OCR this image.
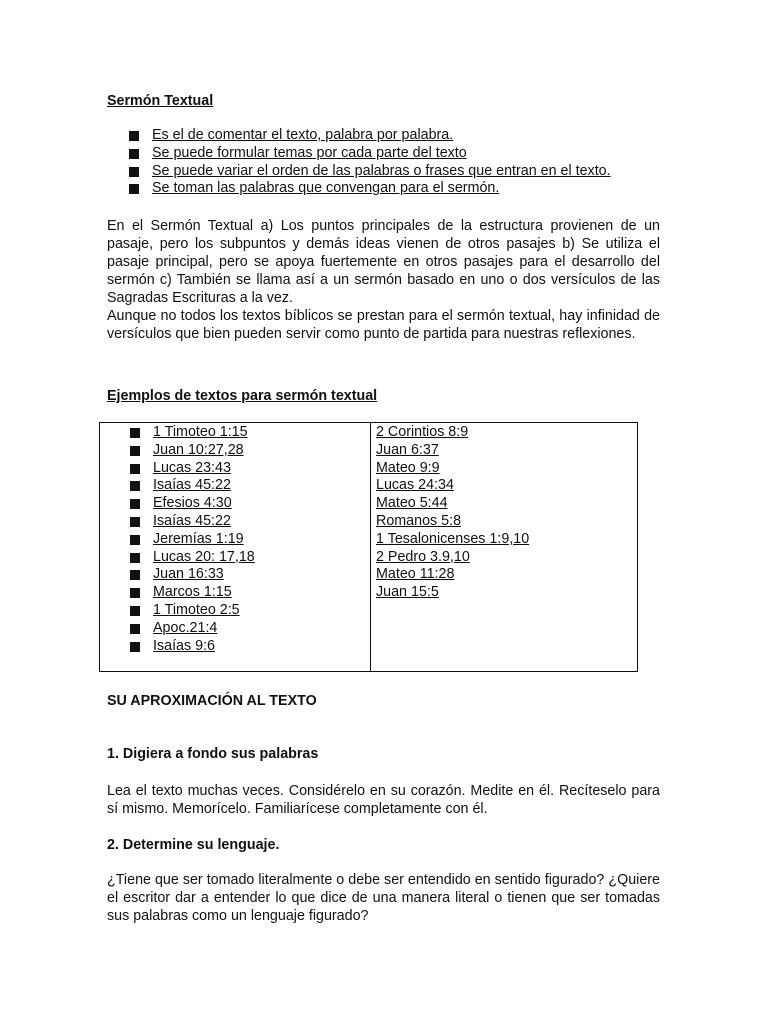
Sermón Textual
Es el de comentar el texto, palabra por palabra.
Se puede formular temas por cada parte del texto
Se puede variar el orden de las palabras o frases que entran en el texto.
Se toman las palabras que convengan para el sermón.

En el Sermón Textual a) Los puntos principales de la estructura provienen de un pasaje, pero los subpuntos y demás ideas vienen de otros pasajes b) Se utiliza el pasaje principal, pero se apoya fuertemente en otros pasajes para el desarrollo del sermón c) También se llama así a un sermón basado en uno o dos versículos de las Sagradas Escrituras a la vez.

Aunque no todos los textos bíblicos se prestan para el sermón textual, hay infinidad de versículos que bien pueden servir como punto de partida para nuestras reflexiones.

Ejemplos de textos para sermón textual
1 Timoteo 1:15
Juan 10:27,28
Lucas 23:43
Isaías 45:22
Efesios 4:30
Isaías 45:22
Jeremías 1:19
Lucas 20: 17,18
Juan 16:33
Marcos 1:15
1 Timoteo 2:5
Apoc.21:4
Isaías 9:6
2 Corintios 8:9
Juan 6:37
Mateo 9:9
Lucas 24:34
Mateo 5:44
Romanos 5:8
1 Tesalonicenses 1:9,10
2 Pedro 3.9,10
Mateo 11:28
Juan 15:5
SU APROXIMACIÓN AL TEXTO
1. Digiera a fondo sus palabras

Lea el texto muchas veces. Considérelo en su corazón. Medite en él. Recíteselo para sí mismo. Memorícelo. Familiarícese completamente con él.

2. Determine su lenguaje.

¿Tiene que ser tomado literalmente o debe ser entendido en sentido figurado? ¿Quiere el escritor dar a entender lo que dice de una manera literal o tienen que ser tomadas sus palabras como un lenguaje figurado?
